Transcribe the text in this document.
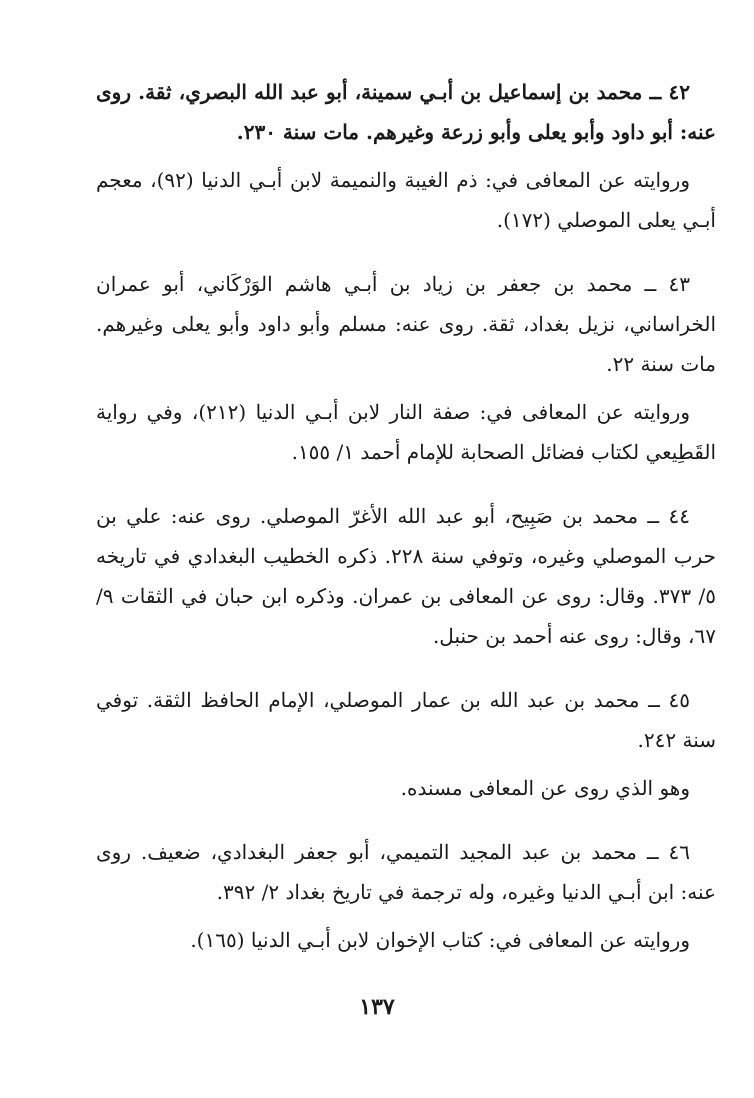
٤٢ ــ محمد بن إسماعيل بن أبـي سمينة، أبو عبد الله البصري، ثقة. روى عنه: أبو داود وأبو يعلى وأبو زرعة وغيرهم. مات سنة ٢٣٠.

وروايته عن المعافى في: ذم الغيبة والنميمة لابن أبـي الدنيا (٩٢)، معجم أبـي يعلى الموصلي (١٧٢).

٤٣ ــ محمد بن جعفر بن زياد بن أبـي هاشم الوَرْكَاني، أبو عمران الخراساني، نزيل بغداد، ثقة. روى عنه: مسلم وأبو داود وأبو يعلى وغيرهم. مات سنة ٢٢.

وروايته عن المعافى في: صفة النار لابن أبـي الدنيا (٢١٢)، وفي رواية القَطِيعي لكتاب فضائل الصحابة للإمام أحمد ١/ ١٥٥.

٤٤ ــ محمد بن صَبِيح، أبو عبد الله الأغرّ الموصلي. روى عنه: علي بن حرب الموصلي وغيره، وتوفي سنة ٢٢٨. ذكره الخطيب البغدادي في تاريخه ٥/ ٣٧٣. وقال: روى عن المعافى بن عمران. وذكره ابن حبان في الثقات ٩/ ٦٧، وقال: روى عنه أحمد بن حنبل.

٤٥ ــ محمد بن عبد الله بن عمار الموصلي، الإمام الحافظ الثقة. توفي سنة ٢٤٢.

وهو الذي روى عن المعافى مسنده.

٤٦ ــ محمد بن عبد المجيد التميمي، أبو جعفر البغدادي، ضعيف. روى عنه: ابن أبـي الدنيا وغيره، وله ترجمة في تاريخ بغداد ٢/ ٣٩٢.

وروايته عن المعافى في: كتاب الإخوان لابن أبـي الدنيا (١٦٥).

١٣٧
